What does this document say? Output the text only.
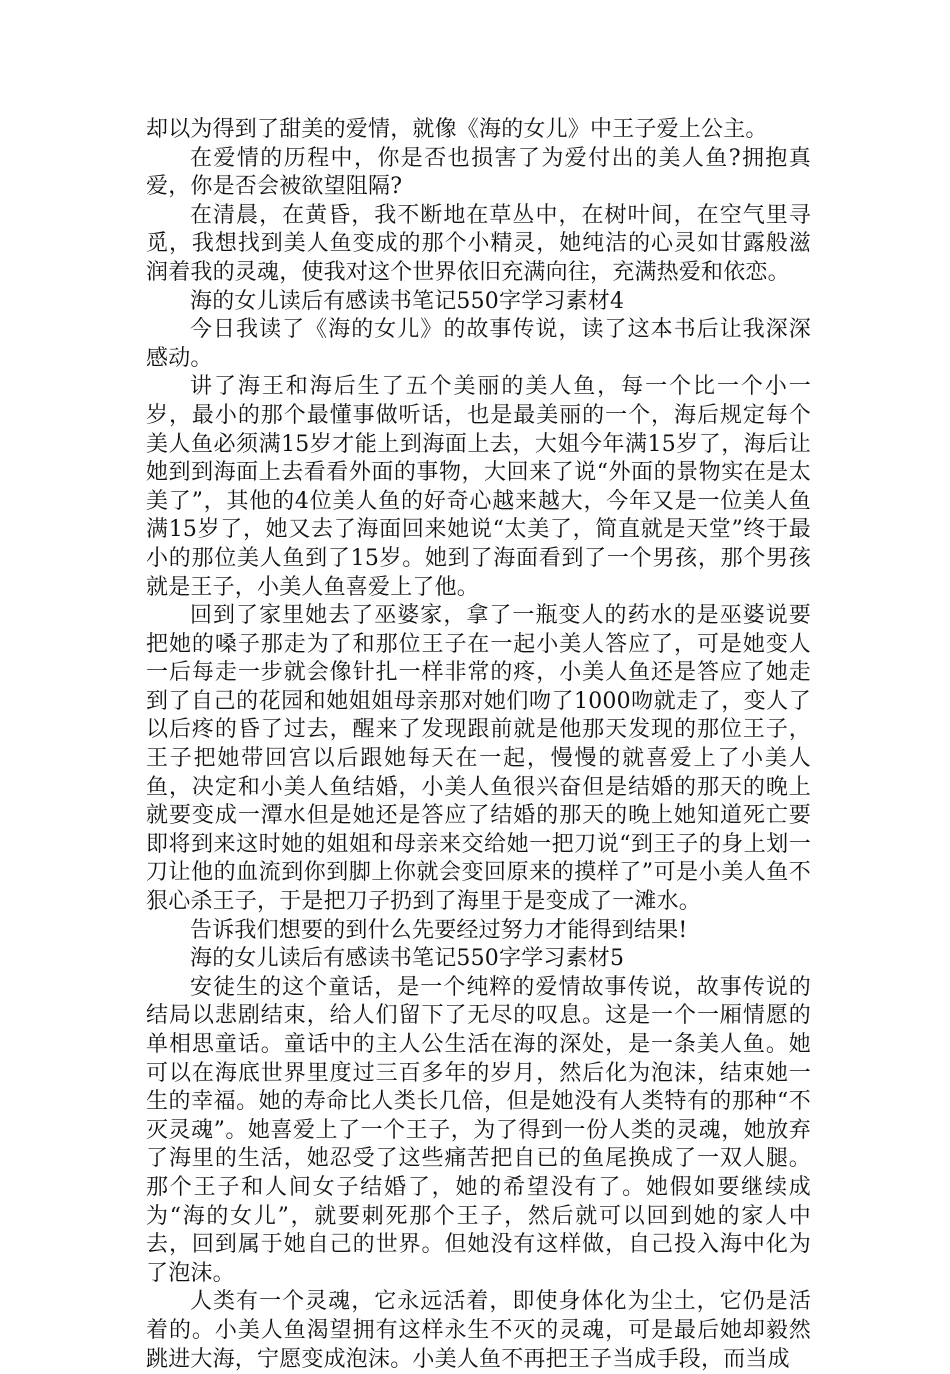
却以为得到了甜美的爱情，就像《海的女儿》中王子爱上公主。

在爱情的历程中，你是否也损害了为爱付出的美人鱼?拥抱真爱，你是否会被欲望阻隔?

在清晨，在黄昏，我不断地在草丛中，在树叶间，在空气里寻觅，我想找到美人鱼变成的那个小精灵，她纯洁的心灵如甘露般滋润着我的灵魂，使我对这个世界依旧充满向往，充满热爱和依恋。

海的女儿读后有感读书笔记550字学习素材4

今日我读了《海的女儿》的故事传说，读了这本书后让我深深感动。

讲了海王和海后生了五个美丽的美人鱼，每一个比一个小一岁，最小的那个最懂事做听话，也是最美丽的一个，海后规定每个美人鱼必须满15岁才能上到海面上去，大姐今年满15岁了，海后让她到到海面上去看看外面的事物，大回来了说“外面的景物实在是太美了”，其他的4位美人鱼的好奇心越来越大，今年又是一位美人鱼满15岁了，她又去了海面回来她说“太美了，简直就是天堂”终于最小的那位美人鱼到了15岁。她到了海面看到了一个男孩，那个男孩就是王子，小美人鱼喜爱上了他。

回到了家里她去了巫婆家，拿了一瓶变人的药水的是巫婆说要把她的嗓子那走为了和那位王子在一起小美人答应了，可是她变人一后每走一步就会像针扎一样非常的疼，小美人鱼还是答应了她走到了自己的花园和她姐姐母亲那对她们吻了1000吻就走了，变人了以后疼的昏了过去，醒来了发现跟前就是他那天发现的那位王子，王子把她带回宫以后跟她每天在一起，慢慢的就喜爱上了小美人鱼，决定和小美人鱼结婚，小美人鱼很兴奋但是结婚的那天的晚上就要变成一潭水但是她还是答应了结婚的那天的晚上她知道死亡要即将到来这时她的姐姐和母亲来交给她一把刀说“到王子的身上划一刀让他的血流到你到脚上你就会变回原来的摸样了”可是小美人鱼不狠心杀王子，于是把刀子扔到了海里于是变成了一滩水。

告诉我们想要的到什么先要经过努力才能得到结果!

海的女儿读后有感读书笔记550字学习素材5

安徒生的这个童话，是一个纯粹的爱情故事传说，故事传说的结局以悲剧结束，给人们留下了无尽的叹息。这是一个一厢情愿的单相思童话。童话中的主人公生活在海的深处，是一条美人鱼。她可以在海底世界里度过三百多年的岁月，然后化为泡沫，结束她一生的幸福。她的寿命比人类长几倍，但是她没有人类特有的那种“不灭灵魂”。她喜爱上了一个王子，为了得到一份人类的灵魂，她放弃了海里的生活，她忍受了这些痛苦把自已的鱼尾换成了一双人腿。那个王子和人间女子结婚了，她的希望没有了。她假如要继续成为“海的女儿”，就要刺死那个王子，然后就可以回到她的家人中去，回到属于她自己的世界。但她没有这样做，自己投入海中化为了泡沫。

人类有一个灵魂，它永远活着，即使身体化为尘土，它仍是活着的。小美人鱼渴望拥有这样永生不灭的灵魂，可是最后她却毅然跳进大海，宁愿变成泡沫。小美人鱼不再把王子当成手段，而当成
